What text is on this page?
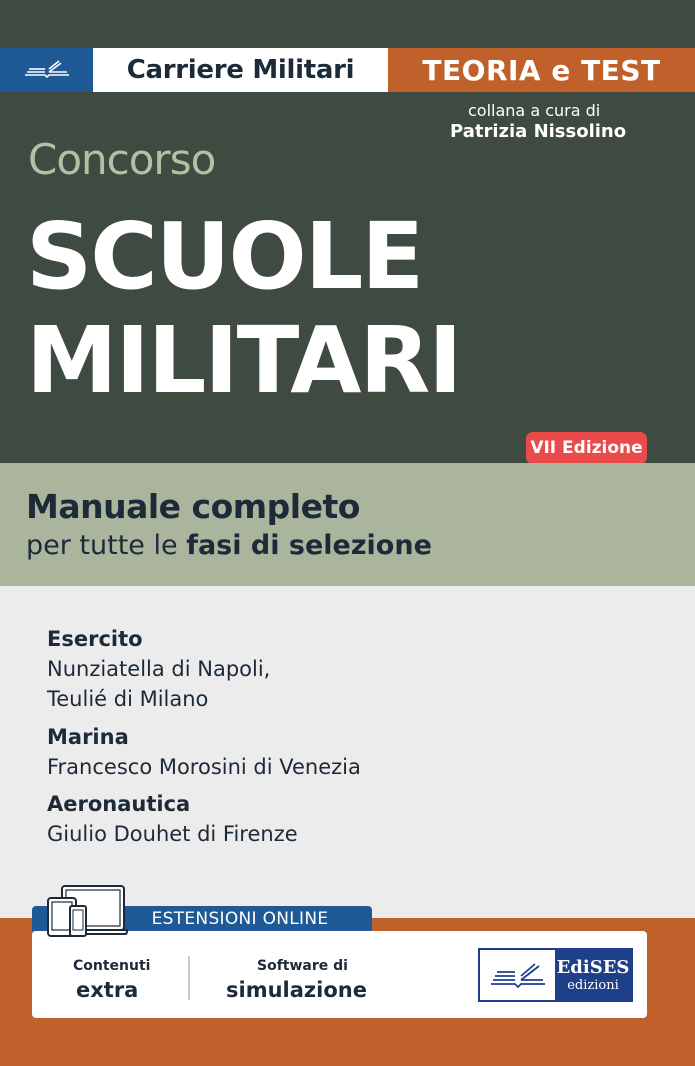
Carriere Militari TEORIA e TEST
collana a cura di
Patrizia Nissolino
Concorso
SCUOLE
MILITARI
VII Edizione
Manuale completo
per tutte le fasi di selezione
Esercito
Nunziatella di Napoli,
Teulié di Milano
Marina
Francesco Morosini di Venezia
Aeronautica
Giulio Douhet di Firenze
ESTENSIONI ONLINE
Contenuti
extra
Software di
simulazione
EdiSES
edizioni
